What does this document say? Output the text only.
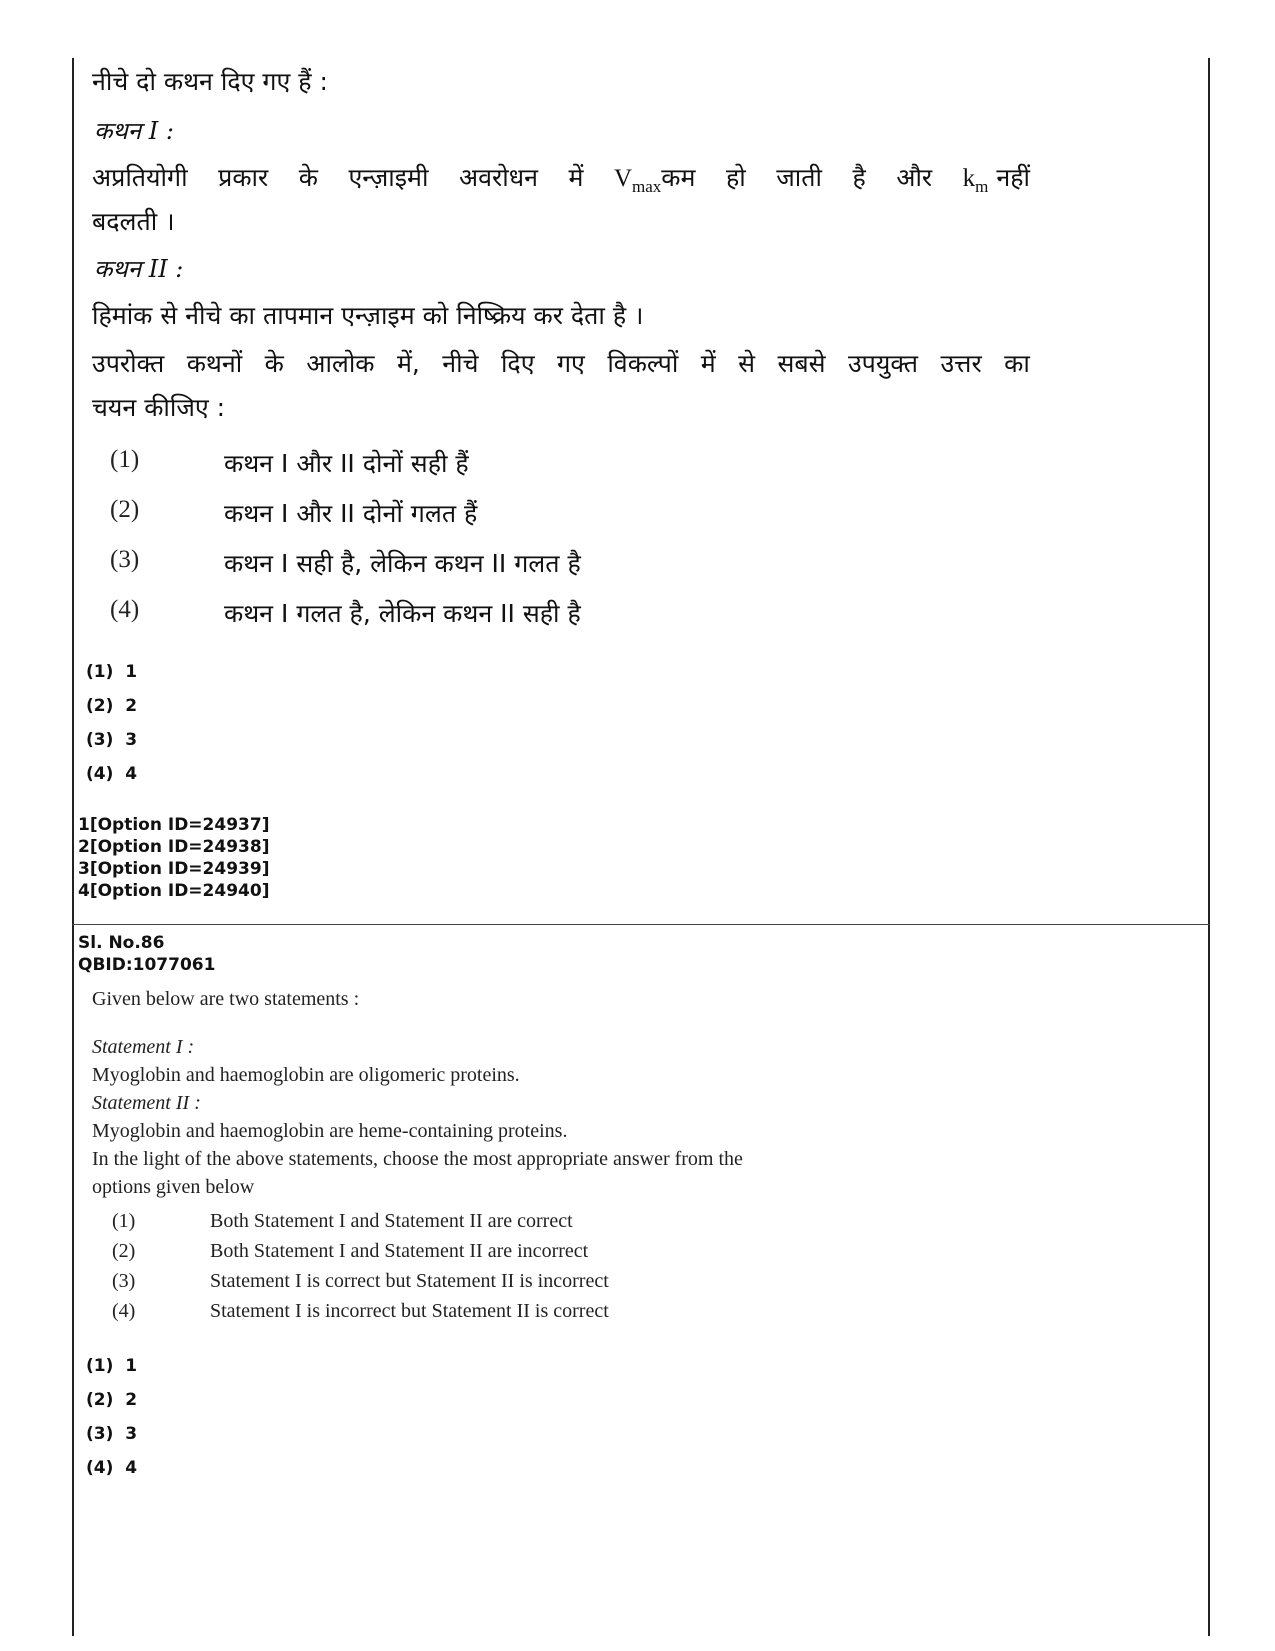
नीचे दो कथन दिए गए हैं :
कथन I :
अप्रतियोगी प्रकार के एन्ज़ाइमी अवरोधन में $V_{max}कम$ हो जाती है और $k_m$ नहीं
बदलती ।
कथन II :
हिमांक से नीचे का तापमान एन्ज़ाइम को निष्क्रिय कर देता है ।
उपरोक्त कथनों के आलोक में, नीचे दिए गए विकल्पों में से सबसे उपयुक्त उत्तर का
चयन कीजिए :
(1)	कथन I और II दोनों सही हैं
(2)	कथन I और II दोनों गलत हैं
(3)	कथन I सही है, लेकिन कथन II गलत है
(4)	कथन I गलत है, लेकिन कथन II सही है
(1)  1
(2)  2
(3)  3
(4)  4
1[Option ID=24937]
2[Option ID=24938]
3[Option ID=24939]
4[Option ID=24940]
Sl. No.86
QBID:1077061
Given below are two statements :
Statement I :
Myoglobin and haemoglobin are oligomeric proteins.
Statement II :
Myoglobin and haemoglobin are heme-containing proteins.
In the light of the above statements, choose the most appropriate answer from the
options given below
(1)	Both Statement I and Statement II are correct
(2)	Both Statement I and Statement II are incorrect
(3)	Statement I is correct but Statement II is incorrect
(4)	Statement I is incorrect but Statement II is correct
(1)  1
(2)  2
(3)  3
(4)  4
